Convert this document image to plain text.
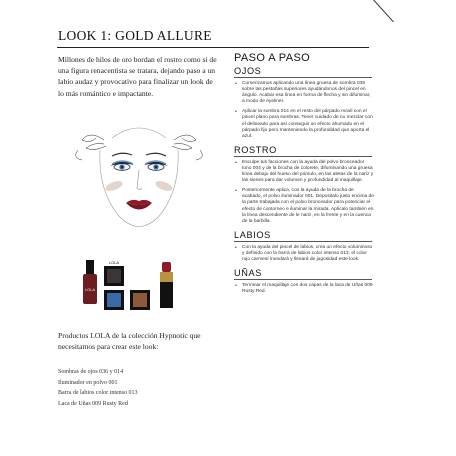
LOOK 1: GOLD ALLURE
Millones de hilos de oro bordan el rostro como si de una figura renacentista se tratara, dejando paso a un labio audaz y provocativo para finalizar un look de lo más romántico e impactante.
LOLA
LOLA
Productos LOLA de la colección Hypnotic que necesitamos para crear este look:
Sombras de ojos 036 y 014
Iluminador en polvo 001
Barra de labios color intenso 013
Laca de Uñas 009 Rusty Red
PASO A PASO
OJOS
• Comenzamos aplicando una línea gruesa de sombra 036 sobre las pestañas superiores ayudándonos del pincel en ángulo. Acabar esa línea en forma de flecha y sin difuminar, a modo de eyeliner.
• Aplicar la sombra 014 en el resto del párpado móvil con el pincel plano para sombras. Tener cuidado de no mezclar con el delineado para así conseguir un efecto ahumado en el párpado fijo pero manteniendo la profundidad que aporta el azul.
ROSTRO
• Esculpe tus facciones con la ayuda del polvo bronceador tono 004 y de la brocha de colorete, difuminando una gruesa línea debajo del hueso del pómulo, en las aletas de la nariz y las sienes para dar volumen y profundidad al maquillaje.
• Posteriormente aplica, con la ayuda de la brocha de acabado, el polvo iluminador 001. Depositalo justo encima de la parte trabajada con el polvo bronceador para potenciar el efecto de contorneo e iluminar la mirada. Aplícalo también en la línea descendiente de le nariz, en la frente y en la cuenca de la barbilla.
LABIOS
• Con la ayuda del pincel de labios, crea un efecto voluminoso y definido con la barra de labios color intenso 013, el color rojo carmesí inundará y llenará de jugosidad este look.
UÑAS
• Terminar el maquillaje con dos capas de la laca de Uñas 009 Rusty Red.
